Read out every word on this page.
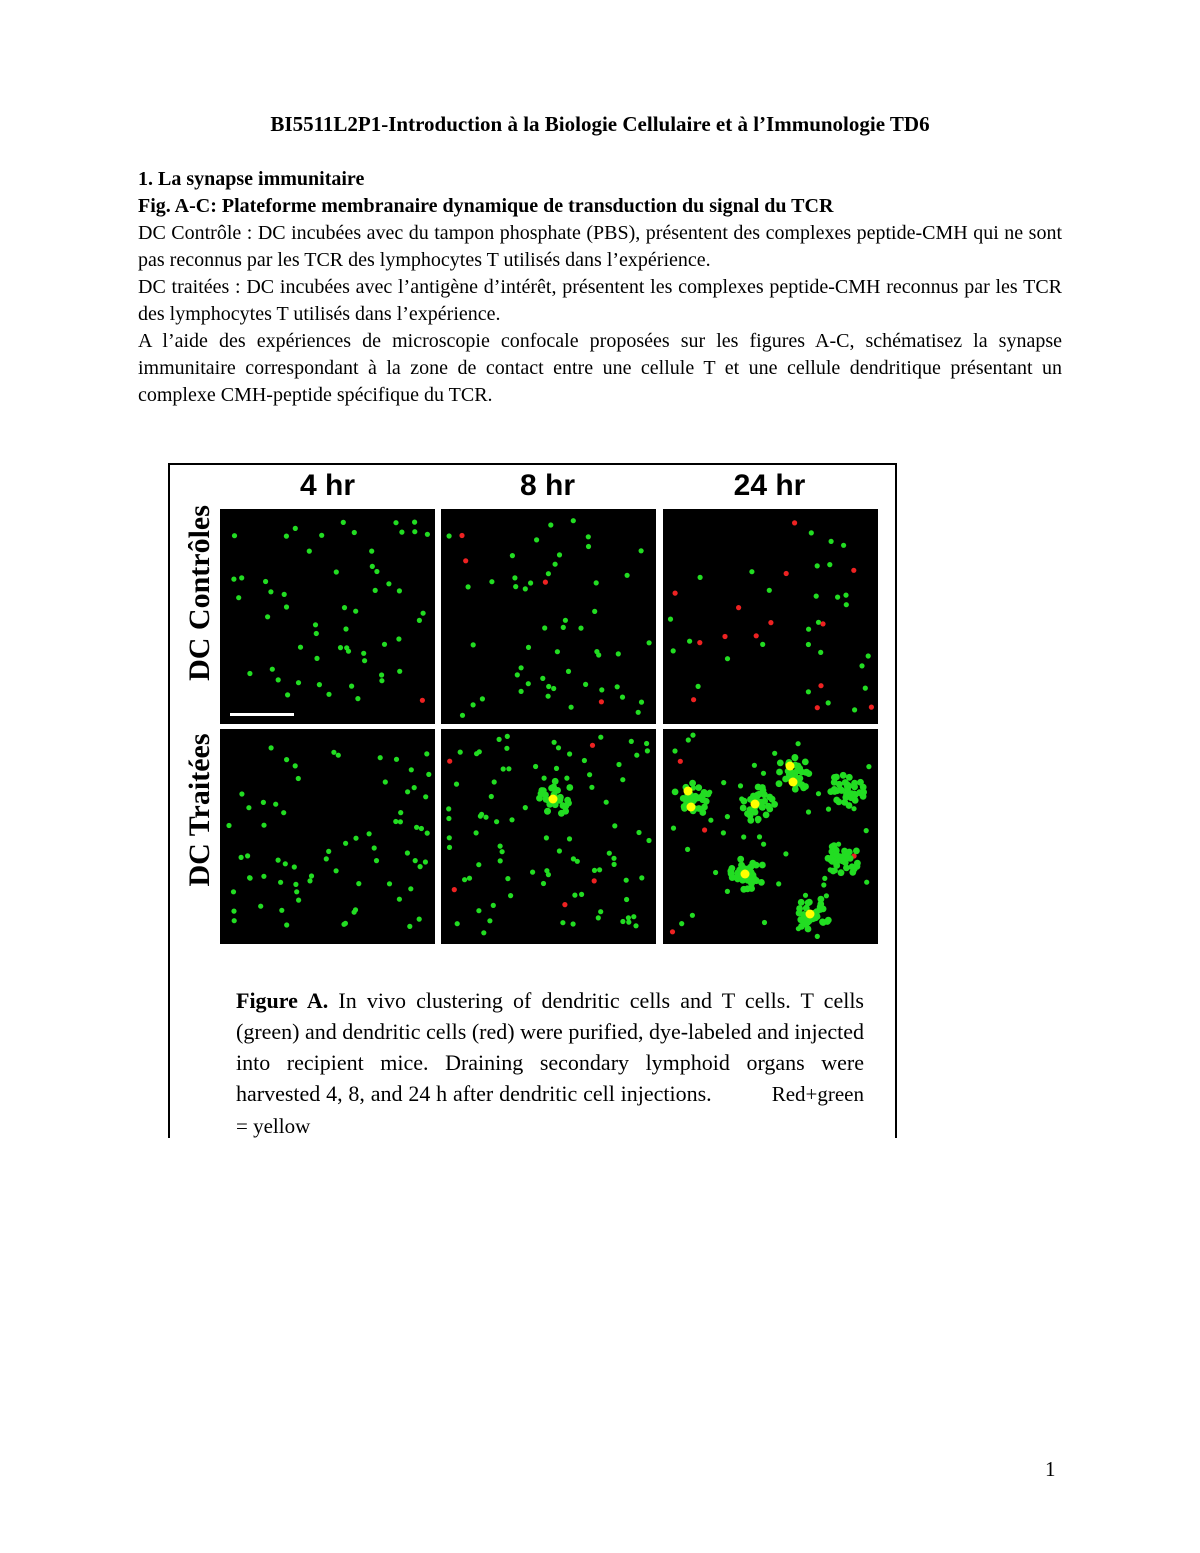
BI5511L2P1-Introduction à la Biologie Cellulaire et à l’Immunologie TD6
1. La synapse immunitaire
Fig. A-C: Plateforme membranaire dynamique de transduction du signal du TCR

DC Contrôle : DC incubées avec du tampon phosphate (PBS), présentent des complexes peptide-CMH qui ne sont pas reconnus par les TCR des lymphocytes T utilisés dans l’expérience.

DC traitées : DC incubées avec l’antigène d’intérêt, présentent les complexes peptide-CMH reconnus par les TCR des lymphocytes T utilisés dans l’expérience.

A l’aide des expériences de microscopie confocale proposées sur les figures A-C, schématisez la synapse immunitaire correspondant à la zone de contact entre une cellule T et une cellule dendritique présentant un complexe CMH-peptide spécifique du TCR.

4 hr	8 hr	24 hr
DC Contrôles
DC Traitées
Figure A. In vivo clustering of dendritic cells and T cells. T cells (green) and dendritic cells (red) were purified, dye-labeled and injected into recipient mice. Draining secondary lymphoid organs were harvested 4, 8, and 24 h after dendritic cell injections.	Red+green = yellow
1
